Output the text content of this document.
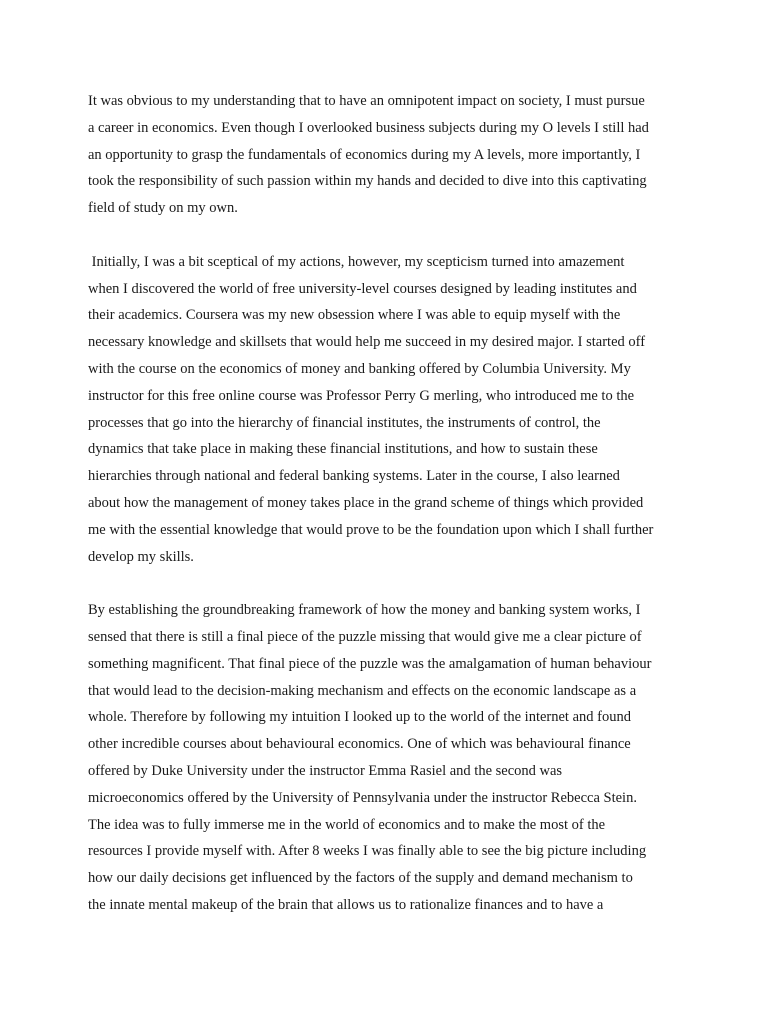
It was obvious to my understanding that to have an omnipotent impact on society, I must pursue
a career in economics. Even though I overlooked business subjects during my O levels I still had
an opportunity to grasp the fundamentals of economics during my A levels, more importantly, I
took the responsibility of such passion within my hands and decided to dive into this captivating
field of study on my own.

Initially, I was a bit sceptical of my actions, however, my scepticism turned into amazement
when I discovered the world of free university-level courses designed by leading institutes and
their academics. Coursera was my new obsession where I was able to equip myself with the
necessary knowledge and skillsets that would help me succeed in my desired major. I started off
with the course on the economics of money and banking offered by Columbia University. My
instructor for this free online course was Professor Perry G merling, who introduced me to the
processes that go into the hierarchy of financial institutes, the instruments of control, the
dynamics that take place in making these financial institutions, and how to sustain these
hierarchies through national and federal banking systems. Later in the course, I also learned
about how the management of money takes place in the grand scheme of things which provided
me with the essential knowledge that would prove to be the foundation upon which I shall further
develop my skills.

By establishing the groundbreaking framework of how the money and banking system works, I
sensed that there is still a final piece of the puzzle missing that would give me a clear picture of
something magnificent. That final piece of the puzzle was the amalgamation of human behaviour
that would lead to the decision-making mechanism and effects on the economic landscape as a
whole. Therefore by following my intuition I looked up to the world of the internet and found
other incredible courses about behavioural economics. One of which was behavioural finance
offered by Duke University under the instructor Emma Rasiel and the second was
microeconomics offered by the University of Pennsylvania under the instructor Rebecca Stein.
The idea was to fully immerse me in the world of economics and to make the most of the
resources I provide myself with. After 8 weeks I was finally able to see the big picture including
how our daily decisions get influenced by the factors of the supply and demand mechanism to
the innate mental makeup of the brain that allows us to rationalize finances and to have a
